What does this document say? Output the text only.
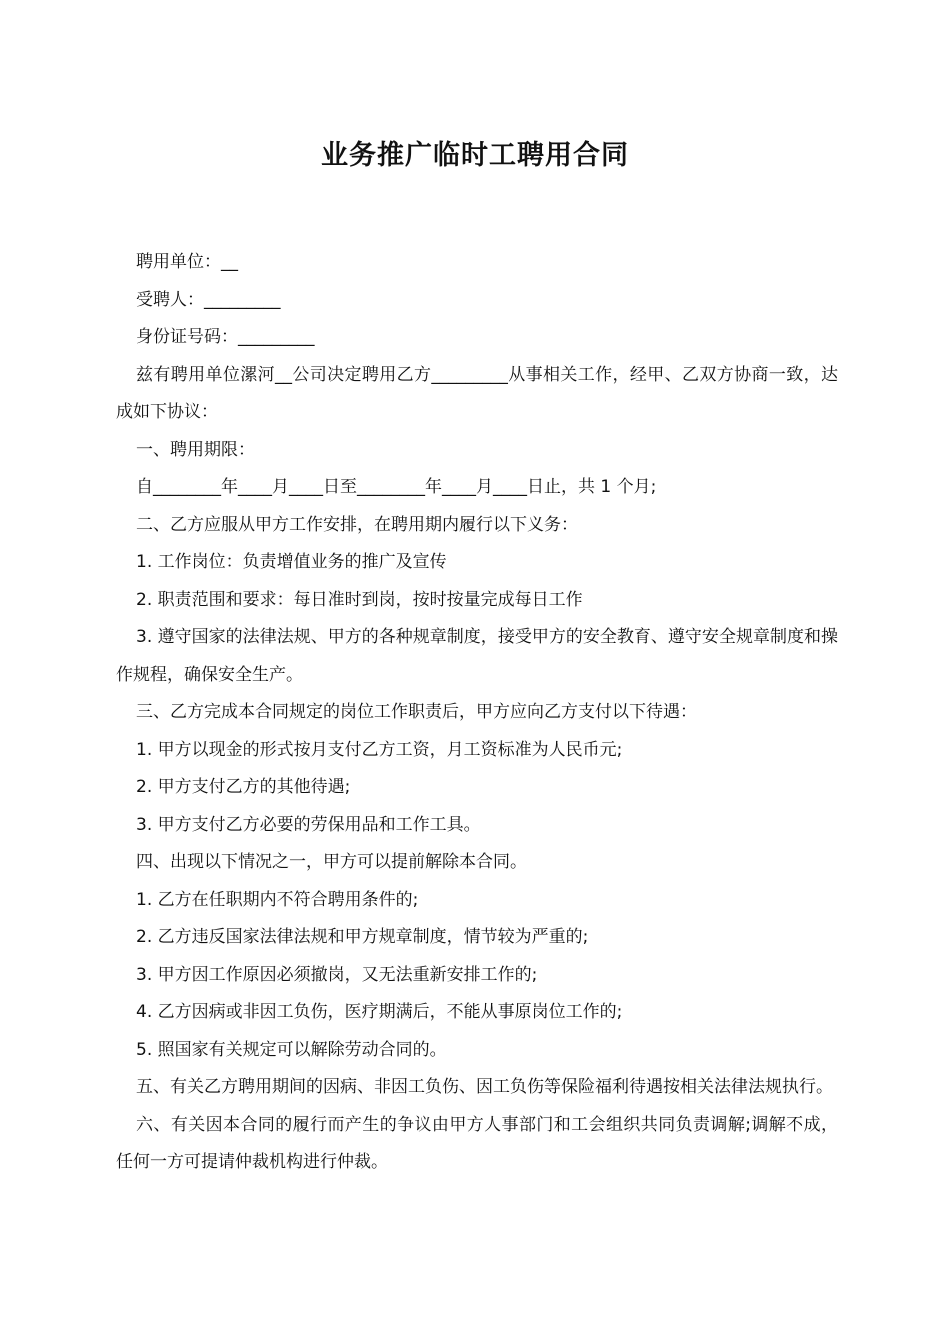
业务推广临时工聘用合同

聘用单位：__

受聘人：_________

身份证号码：_________

兹有聘用单位漯河__公司决定聘用乙方_________从事相关工作，经甲、乙双方协商一致，达成如下协议：

一、聘用期限：

自________年____月____日至________年____月____日止，共 1 个月;

二、乙方应服从甲方工作安排，在聘用期内履行以下义务：

1. 工作岗位：负责增值业务的推广及宣传

2. 职责范围和要求：每日准时到岗，按时按量完成每日工作

3. 遵守国家的法律法规、甲方的各种规章制度，接受甲方的安全教育、遵守安全规章制度和操作规程，确保安全生产。

三、乙方完成本合同规定的岗位工作职责后，甲方应向乙方支付以下待遇：

1. 甲方以现金的形式按月支付乙方工资，月工资标准为人民币元;

2. 甲方支付乙方的其他待遇;

3. 甲方支付乙方必要的劳保用品和工作工具。

四、出现以下情况之一，甲方可以提前解除本合同。

1. 乙方在任职期内不符合聘用条件的;

2. 乙方违反国家法律法规和甲方规章制度，情节较为严重的;

3. 甲方因工作原因必须撤岗，又无法重新安排工作的;

4. 乙方因病或非因工负伤，医疗期满后，不能从事原岗位工作的;

5. 照国家有关规定可以解除劳动合同的。

五、有关乙方聘用期间的因病、非因工负伤、因工负伤等保险福利待遇按相关法律法规执行。

六、有关因本合同的履行而产生的争议由甲方人事部门和工会组织共同负责调解;调解不成，任何一方可提请仲裁机构进行仲裁。
